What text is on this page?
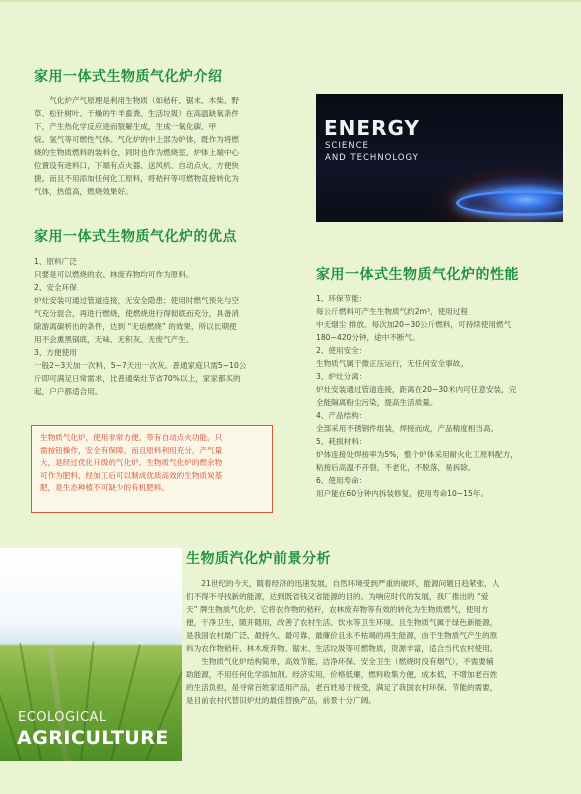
家用一体式生物质气化炉介绍

气化炉产气原理是利用生物质（如秸秆、锯末、木柴、野

草、松针树叶、干燥的牛羊畜粪、生活垃圾）在高温缺氧条件

下，产生热化学反应进而裂解生成，生成一氧化碳、甲

烷、氢气等可燃性气体。气化炉的中上部为炉体，既作为将燃

烧的生物质燃料的装料仓，同时也作为燃烧室。炉体上端中心

位置设有进料口，下端有点火器、送风机、自动点火，方便快

捷。而且不用添加任何化工原料，将秸秆等可燃物直接转化为

气体，热值高，燃烧效果好。

ENERGY
SCIENCE
AND TECHNOLOGY
家用一体式生物质气化炉的优点

1、原料广泛

只要是可以燃烧的农、林废弃物均可作为原料。

2、安全环保

炉灶安装可通过管道连接，无安全隐患；使用时燃气预先与空

气充分混合，再进行燃烧，使燃烧进行得彻底而充分，具备消

除游离碳析出的条件，达到 “无焰燃烧” 的效果，所以长期使

用不会熏黑锅底，无味、无积灰、无废气产生。

3、方便使用

一般2~3天加一次料，5~7天出一次灰。普通家庭只需5~10公

斤即可满足日常需求，比普通柴灶节省70%以上，家家都买的

起，户户都适合用。

生物质气化炉，使用非常方便，带有自动点火功能，只
需按钮操作，安全有保障。而且原料利用充分，产气量
大，是经过优化升级的气化炉。生物质气化炉的燃余物
可作为肥料，经加工后可以制成优质高效的生物质炭基
肥，是生态种植不可缺少的有机肥料。
家用一体式生物质气化炉的性能

1、环保节能：

每公斤燃料可产生生物质气约2m³，使用过程

中无烟尘 排放。每次加20~30公斤燃料，可持续使用燃气

180~420分钟，途中不断气。

2、使用安全：

生物质气属于微正压运行，无任何安全事故。

3、炉灶分离：

炉灶安装通过管道连接，距离在20~30米内可任意安装，完

全能隔离粉尘污染，提高生活质量。

4、产品结构：

全部采用不锈钢件组装，焊接而成，产品精度相当高。

5、耗损材料：

炉体连接处焊接率为5%，整个炉体采用耐火化工原料配方，

粘接后高温不开裂，不老化，不脱落，易拆除。

6、使用寿命：

用户能在60分钟内拆装修复，使用寿命10~15年。

ECOLOGICAL
AGRICULTURE
生物质汽化炉前景分析

21世纪的今天，随着经济的迅速发展，自然环境受到严重的破坏，能源问题日趋紧张，人

们不得不寻找新的能源，达到既省钱又省能源的目的。为响应时代的发展，我厂推出的 “爱

天” 牌生物质气化炉，它将农作物的秸秆，农林废弃物等有效的转化为生物质燃气，使用方

便，干净卫生，随开随用，改善了农村生活、饮水等卫生环境。且生物质气属于绿色新能源，

是我国农村最广泛、最持久、最可靠、最廉价且永不枯竭的再生能源，由于生物质气产生的原

料为农作物秸秆、林木废弃物、锯末、生活垃圾等可燃物质，资源丰富，适合当代农村使用。

生物质气化炉结构简单，高效节能，洁净环保、安全卫生（燃烧时没有烟气），不需要辅

助能源，不用任何化学添加剂。经济实用，价格低廉，燃料收集方便，成本低，不增加老百姓

的生活负担，是寻常百姓家适用产品，老百姓易于接受，满足了我国农村环保、节能的需要，

是目前农村代替旧炉灶的最佳替换产品，前景十分广阔。
